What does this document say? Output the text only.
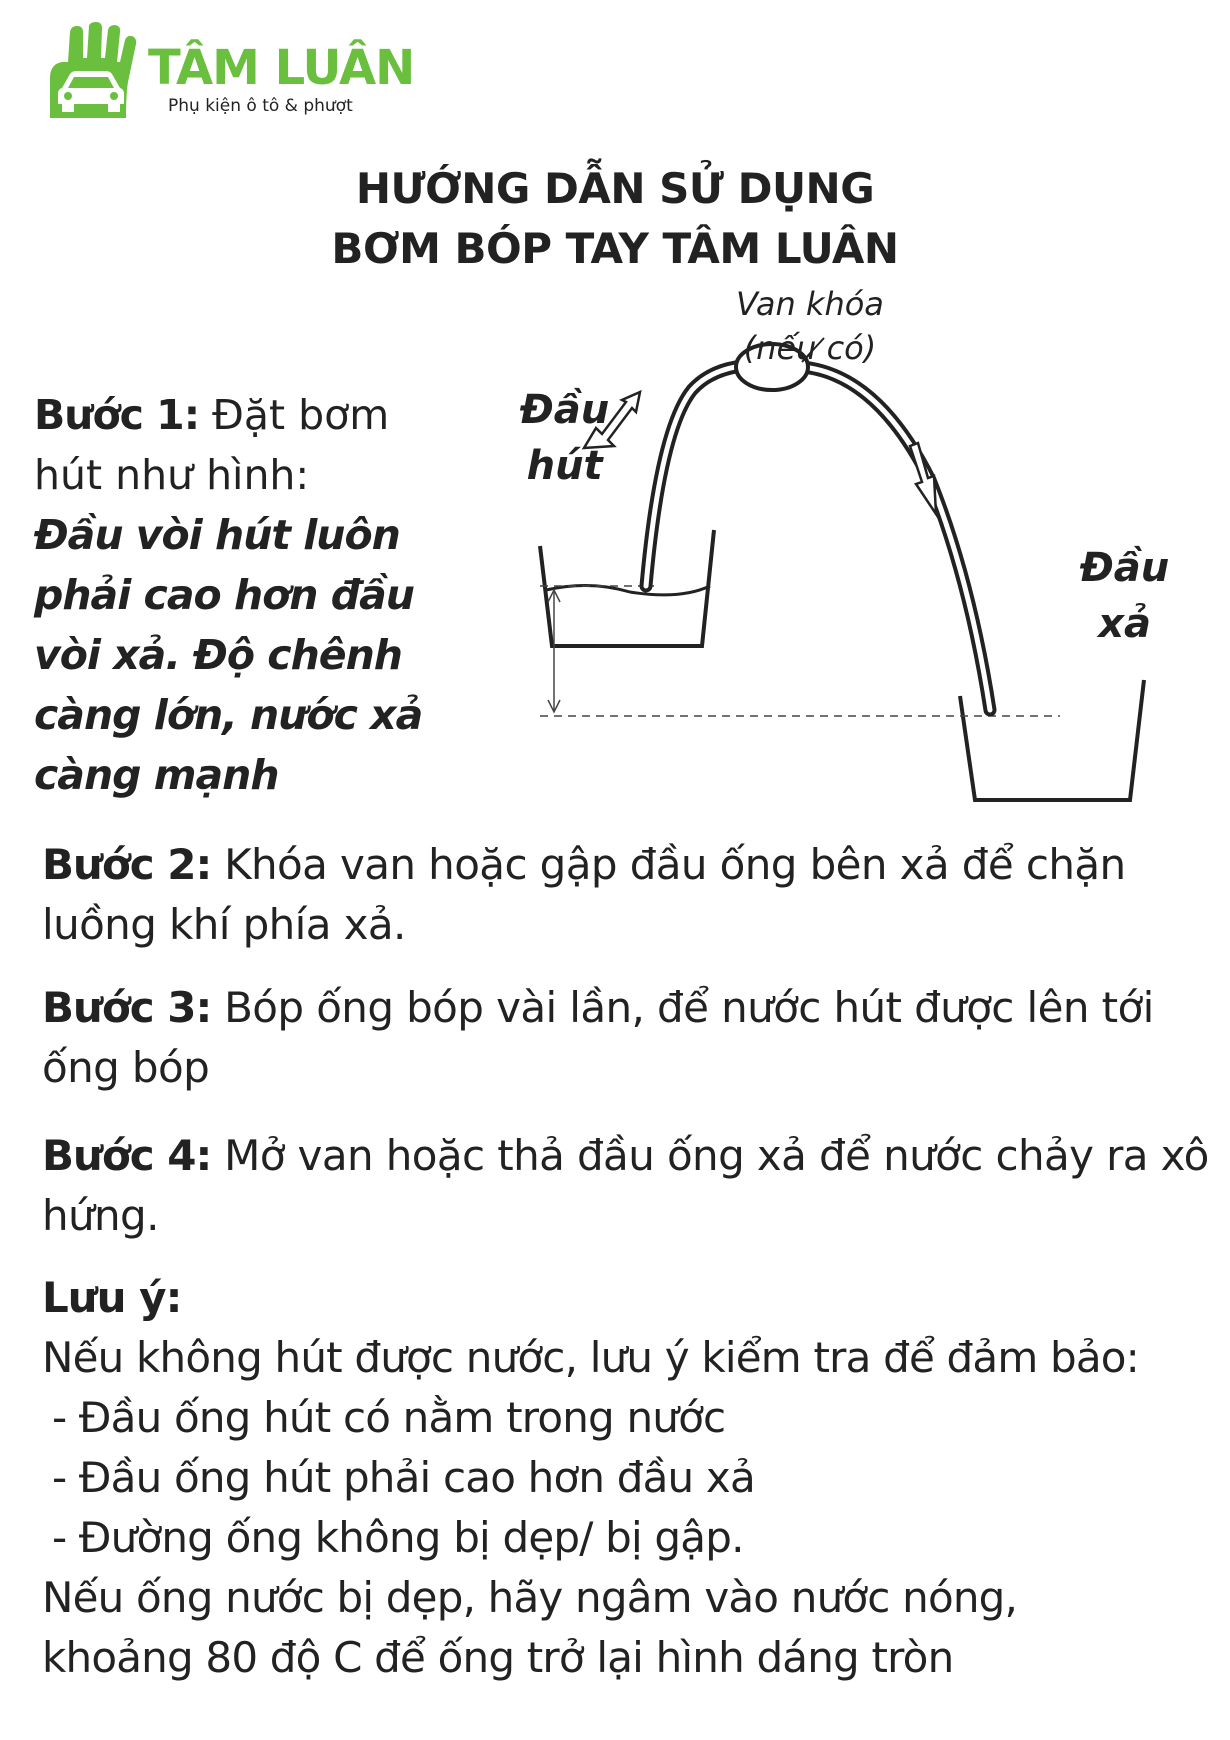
TÂM LUÂN
Phụ kiện ô tô & phượt
HƯỚNG DẪN SỬ DỤNG
BƠM BÓP TAY TÂM LUÂN
Bước 1: Đặt bơm hút như hình:
Đầu vòi hút luôn phải cao hơn đầu vòi xả. Độ chênh càng lớn, nước xả càng mạnh
Van khóa
(nếu có)
Đầu
hút
Đầu
xả
Bước 2: Khóa van hoặc gập đầu ống bên xả để chặn luồng khí phía xả.
Bước 3: Bóp ống bóp vài lần, để nước hút được lên tới ống bóp
Bước 4: Mở van hoặc thả đầu ống xả để nước chảy ra xô hứng.
Lưu ý:
Nếu không hút được nước, lưu ý kiểm tra để đảm bảo:
- Đầu ống hút có nằm trong nước
- Đầu ống hút phải cao hơn đầu xả
- Đường ống không bị dẹp/ bị gập.
Nếu ống nước bị dẹp, hãy ngâm vào nước nóng,
khoảng 80 độ C để ống trở lại hình dáng tròn
